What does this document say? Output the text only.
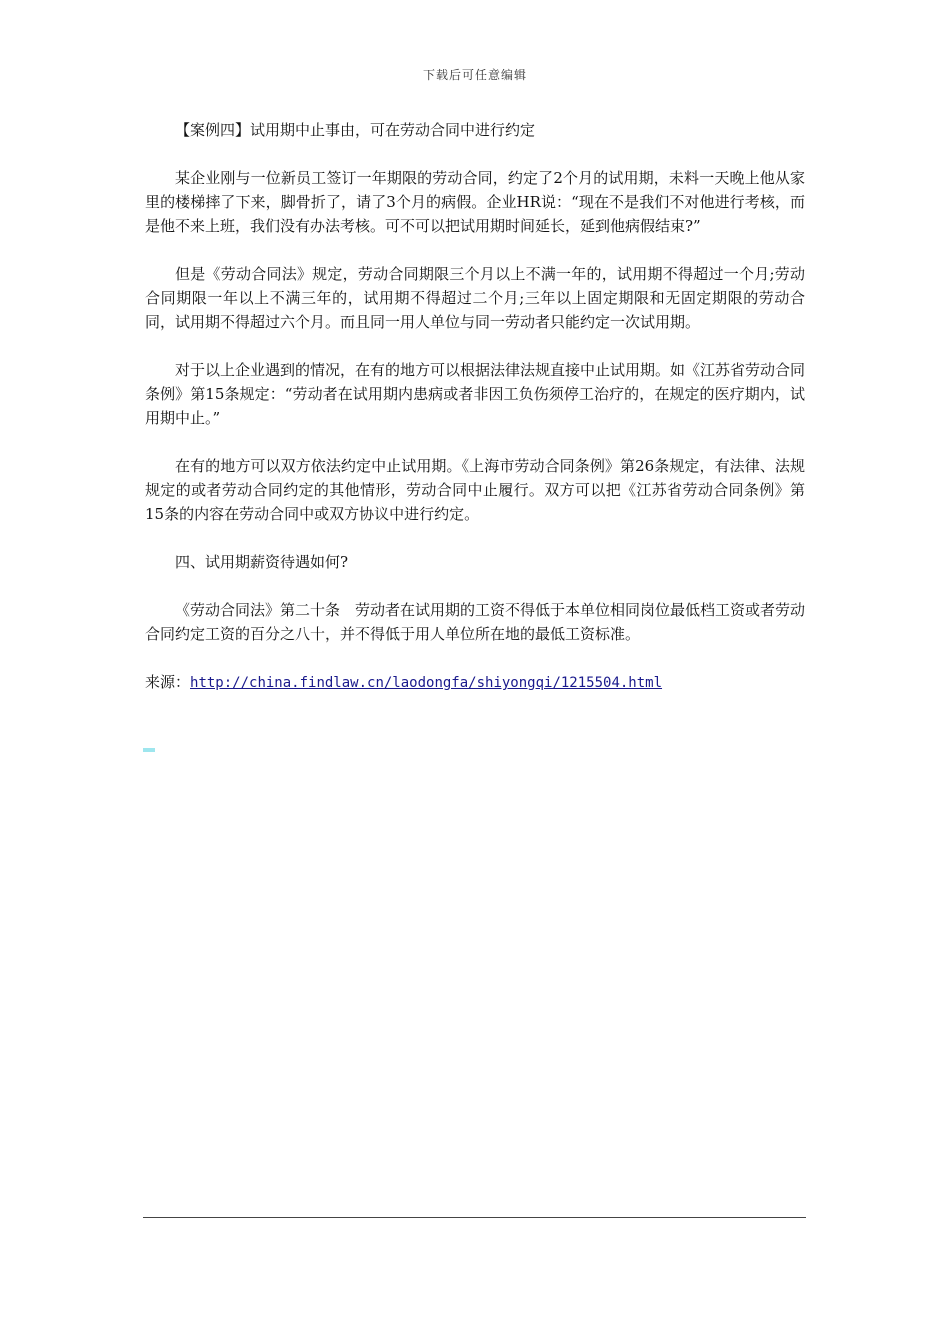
下载后可任意编辑

【案例四】试用期中止事由，可在劳动合同中进行约定

某企业刚与一位新员工签订一年期限的劳动合同，约定了2个月的试用期，未料一天晚上他从家里的楼梯摔了下来，脚骨折了，请了3个月的病假。企业HR说：“现在不是我们不对他进行考核，而是他不来上班，我们没有办法考核。可不可以把试用期时间延长，延到他病假结束?”

但是《劳动合同法》规定，劳动合同期限三个月以上不满一年的，试用期不得超过一个月;劳动合同期限一年以上不满三年的，试用期不得超过二个月;三年以上固定期限和无固定期限的劳动合同，试用期不得超过六个月。而且同一用人单位与同一劳动者只能约定一次试用期。

对于以上企业遇到的情况，在有的地方可以根据法律法规直接中止试用期。如《江苏省劳动合同条例》第15条规定：“劳动者在试用期内患病或者非因工负伤须停工治疗的，在规定的医疗期内，试用期中止。”

在有的地方可以双方依法约定中止试用期。《上海市劳动合同条例》第26条规定，有法律、法规规定的或者劳动合同约定的其他情形，劳动合同中止履行。双方可以把《江苏省劳动合同条例》第15条的内容在劳动合同中或双方协议中进行约定。

四、试用期薪资待遇如何?

《劳动合同法》第二十条　劳动者在试用期的工资不得低于本单位相同岗位最低档工资或者劳动合同约定工资的百分之八十，并不得低于用人单位所在地的最低工资标准。

来源：http://china.findlaw.cn/laodongfa/shiyongqi/1215504.html
